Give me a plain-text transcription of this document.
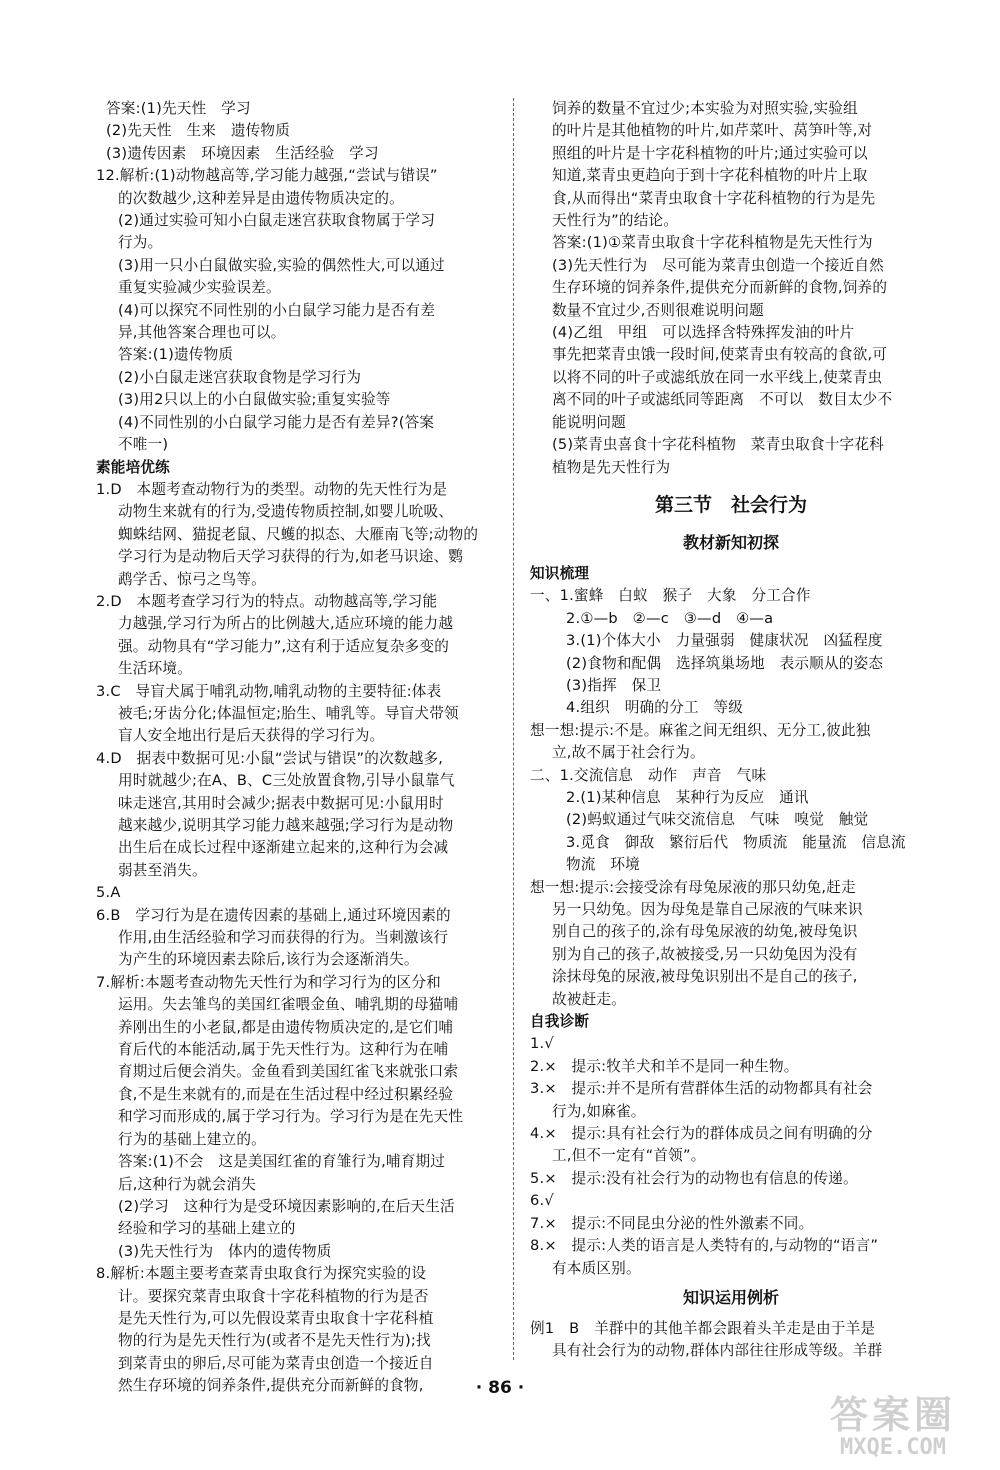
答案:(1)先天性　学习
(2)先天性　生来　遗传物质
(3)遗传因素　环境因素　生活经验　学习
12.解析:(1)动物越高等,学习能力越强,“尝试与错误”
的次数越少,这种差异是由遗传物质决定的。
(2)通过实验可知小白鼠走迷宫获取食物属于学习
行为。
(3)用一只小白鼠做实验,实验的偶然性大,可以通过
重复实验减少实验误差。
(4)可以探究不同性别的小白鼠学习能力是否有差
异,其他答案合理也可以。
答案:(1)遗传物质
(2)小白鼠走迷宫获取食物是学习行为
(3)用2只以上的小白鼠做实验;重复实验等
(4)不同性别的小白鼠学习能力是否有差异?(答案
不唯一)
素能培优练
1.D　本题考查动物行为的类型。动物的先天性行为是
动物生来就有的行为,受遗传物质控制,如婴儿吮吸、
蜘蛛结网、猫捉老鼠、尺蠖的拟态、大雁南飞等;动物的
学习行为是动物后天学习获得的行为,如老马识途、鹦
鹉学舌、惊弓之鸟等。
2.D　本题考查学习行为的特点。动物越高等,学习能
力越强,学习行为所占的比例越大,适应环境的能力越
强。动物具有“学习能力”,这有利于适应复杂多变的
生活环境。
3.C　导盲犬属于哺乳动物,哺乳动物的主要特征:体表
被毛;牙齿分化;体温恒定;胎生、哺乳等。导盲犬带领
盲人安全地出行是后天获得的学习行为。
4.D　据表中数据可见:小鼠“尝试与错误”的次数越多,
用时就越少;在A、B、C三处放置食物,引导小鼠靠气
味走迷宫,其用时会减少;据表中数据可见:小鼠用时
越来越少,说明其学习能力越来越强;学习行为是动物
出生后在成长过程中逐渐建立起来的,这种行为会减
弱甚至消失。
5.A
6.B　学习行为是在遗传因素的基础上,通过环境因素的
作用,由生活经验和学习而获得的行为。当刺激该行
为产生的环境因素去除后,该行为会逐渐消失。
7.解析:本题考查动物先天性行为和学习行为的区分和
运用。失去雏鸟的美国红雀喂金鱼、哺乳期的母猫哺
养刚出生的小老鼠,都是由遗传物质决定的,是它们哺
育后代的本能活动,属于先天性行为。这种行为在哺
育期过后便会消失。金鱼看到美国红雀飞来就张口索
食,不是生来就有的,而是在生活过程中经过积累经验
和学习而形成的,属于学习行为。学习行为是在先天性
行为的基础上建立的。
答案:(1)不会　这是美国红雀的育雏行为,哺育期过
后,这种行为就会消失
(2)学习　这种行为是受环境因素影响的,在后天生活
经验和学习的基础上建立的
(3)先天性行为　体内的遗传物质
8.解析:本题主要考查菜青虫取食行为探究实验的设
计。要探究菜青虫取食十字花科植物的行为是否
是先天性行为,可以先假设菜青虫取食十字花科植
物的行为是先天性行为(或者不是先天性行为);找
到菜青虫的卵后,尽可能为菜青虫创造一个接近自
然生存环境的饲养条件,提供充分而新鲜的食物,
饲养的数量不宜过少;本实验为对照实验,实验组
的叶片是其他植物的叶片,如芹菜叶、莴笋叶等,对
照组的叶片是十字花科植物的叶片;通过实验可以
知道,菜青虫更趋向于到十字花科植物的叶片上取
食,从而得出“菜青虫取食十字花科植物的行为是先
天性行为”的结论。
答案:(1)①菜青虫取食十字花科植物是先天性行为
(3)先天性行为　尽可能为菜青虫创造一个接近自然
生存环境的饲养条件,提供充分而新鲜的食物,饲养的
数量不宜过少,否则很难说明问题
(4)乙组　甲组　可以选择含特殊挥发油的叶片
事先把菜青虫饿一段时间,使菜青虫有较高的食欲,可
以将不同的叶子或滤纸放在同一水平线上,使菜青虫
离不同的叶子或滤纸同等距离　不可以　数目太少不
能说明问题
(5)菜青虫喜食十字花科植物　菜青虫取食十字花科
植物是先天性行为
第三节　社会行为
教材新知初探
知识梳理
一、1.蜜蜂　白蚁　猴子　大象　分工合作
2.①—b　②—c　③—d　④—a
3.(1)个体大小　力量强弱　健康状况　凶猛程度
(2)食物和配偶　选择筑巢场地　表示顺从的姿态
(3)指挥　保卫
4.组织　明确的分工　等级
想一想:提示:不是。麻雀之间无组织、无分工,彼此独
立,故不属于社会行为。
二、1.交流信息　动作　声音　气味
2.(1)某种信息　某种行为反应　通讯
(2)蚂蚁通过气味交流信息　气味　嗅觉　触觉
3.觅食　御敌　繁衍后代　物质流　能量流　信息流
物流　环境
想一想:提示:会接受涂有母兔尿液的那只幼兔,赶走
另一只幼兔。因为母兔是靠自己尿液的气味来识
别自己的孩子的,涂有母兔尿液的幼兔,被母兔识
别为自己的孩子,故被接受,另一只幼兔因为没有
涂抹母兔的尿液,被母兔识别出不是自己的孩子,
故被赶走。
自我诊断
1.√
2.×　提示:牧羊犬和羊不是同一种生物。
3.×　提示:并不是所有营群体生活的动物都具有社会
行为,如麻雀。
4.×　提示:具有社会行为的群体成员之间有明确的分
工,但不一定有“首领”。
5.×　提示:没有社会行为的动物也有信息的传递。
6.√
7.×　提示:不同昆虫分泌的性外激素不同。
8.×　提示:人类的语言是人类特有的,与动物的“语言”
有本质区别。
知识运用例析
例1　B　羊群中的其他羊都会跟着头羊走是由于羊是
具有社会行为的动物,群体内部往往形成等级。羊群
· 86 ·
答案圈
MXQE.COM
